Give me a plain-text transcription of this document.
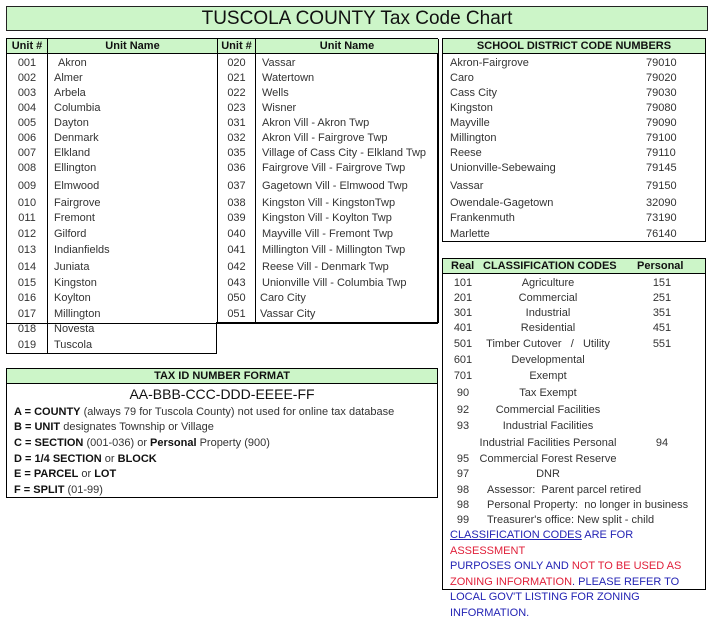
TUSCOLA COUNTY Tax Code Chart
Unit #	Unit Name	Unit #	Unit Name
001	Akron
002	Almer
003	Arbela
004	Columbia
005	Dayton
006	Denmark
007	Elkland
008	Ellington
009	Elmwood
010	Fairgrove
011	Fremont
012	Gilford
013	Indianfields
014	Juniata
015	Kingston
016	Koylton
017	Millington
018	Novesta
019	Tuscola
020	Vassar
021	Watertown
022	Wells
023	Wisner
031	Akron Vill - Akron Twp
032	Akron Vill - Fairgrove Twp
035	Village of Cass City - Elkland Twp
036	Fairgrove Vill - Fairgrove Twp
037	Gagetown Vill - Elmwood Twp
038	Kingston Vill - KingstonTwp
039	Kingston Vill - Koylton Twp
040	Mayville Vill - Fremont Twp
041	Millington Vill - Millington Twp
042	Reese Vill - Denmark Twp
043	Unionville Vill - Columbia Twp
050	Caro City
051	Vassar City
SCHOOL DISTRICT CODE NUMBERS
Akron-Fairgrove	79010
Caro	79020
Cass City	79030
Kingston	79080
Mayville	79090
Millington	79100
Reese	79110
Unionville-Sebewaing	79145
Vassar	79150
Owendale-Gagetown	32090
Frankenmuth	73190
Marlette	76140
Real CLASSIFICATION CODES Personal
101	Agriculture	151
201	Commercial	251
301	Industrial	351
401	Residential	451
501	Timber Cutover   /   Utility	551
601	Developmental
701	Exempt
90	Tax Exempt
92	Commercial Facilities
93	Industrial Facilities
Industrial Facilities Personal	94
95 Commercial Forest Reserve
97	DNR
98	Assessor:  Parent parcel retired
98	Personal Property:  no longer in business
99	Treasurer's office: New split - child
CLASSIFICATION CODES ARE FOR ASSESSMENT
PURPOSES ONLY AND NOT TO BE USED AS
ZONING INFORMATION. PLEASE REFER TO
LOCAL GOV'T LISTING FOR ZONING INFORMATION.
TAX ID NUMBER FORMAT
AA-BBB-CCC-DDD-EEEE-FF
A = COUNTY (always 79 for Tuscola County) not used for online tax database
B = UNIT designates Township or Village
C = SECTION (001-036) or Personal Property (900)
D = 1/4 SECTION or BLOCK
E = PARCEL or LOT
F = SPLIT (01-99)
